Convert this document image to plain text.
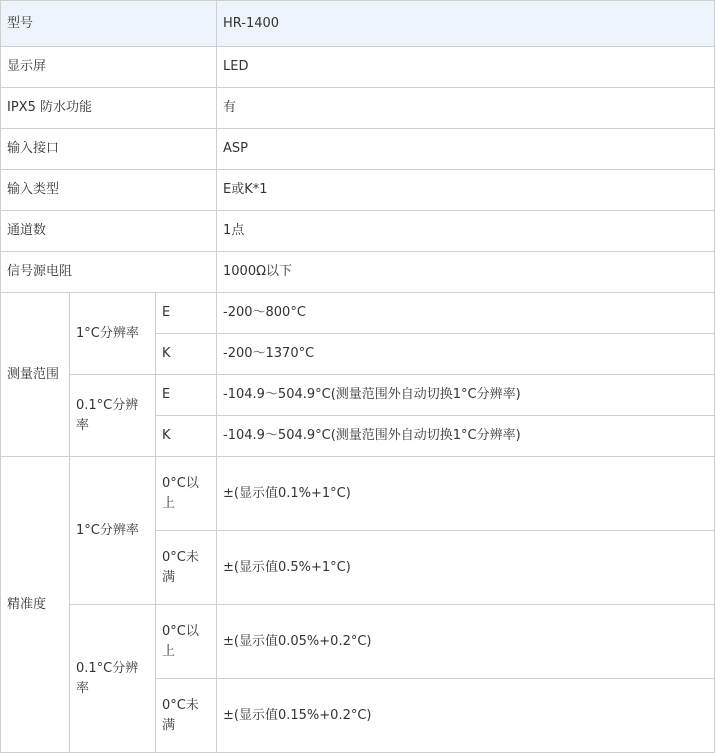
型号			HR-1400
显示屏			LED
IPX5 防水功能			有
输入接口			ASP
输入类型			E或K*1
通道数			1点
信号源电阻			1000Ω以下
测量范围	1°C分辨率	E	-200～800°C
		K	-200～1370°C
	0.1°C分辨率	E	-104.9～504.9°C(测量范围外自动切换1°C分辨率)
		K	-104.9～504.9°C(测量范围外自动切换1°C分辨率)
精准度	1°C分辨率	0°C以上	±(显示值0.1%+1°C)
		0°C未满	±(显示值0.5%+1°C)
	0.1°C分辨率	0°C以上	±(显示值0.05%+0.2°C)
		0°C未满	±(显示值0.15%+0.2°C)
